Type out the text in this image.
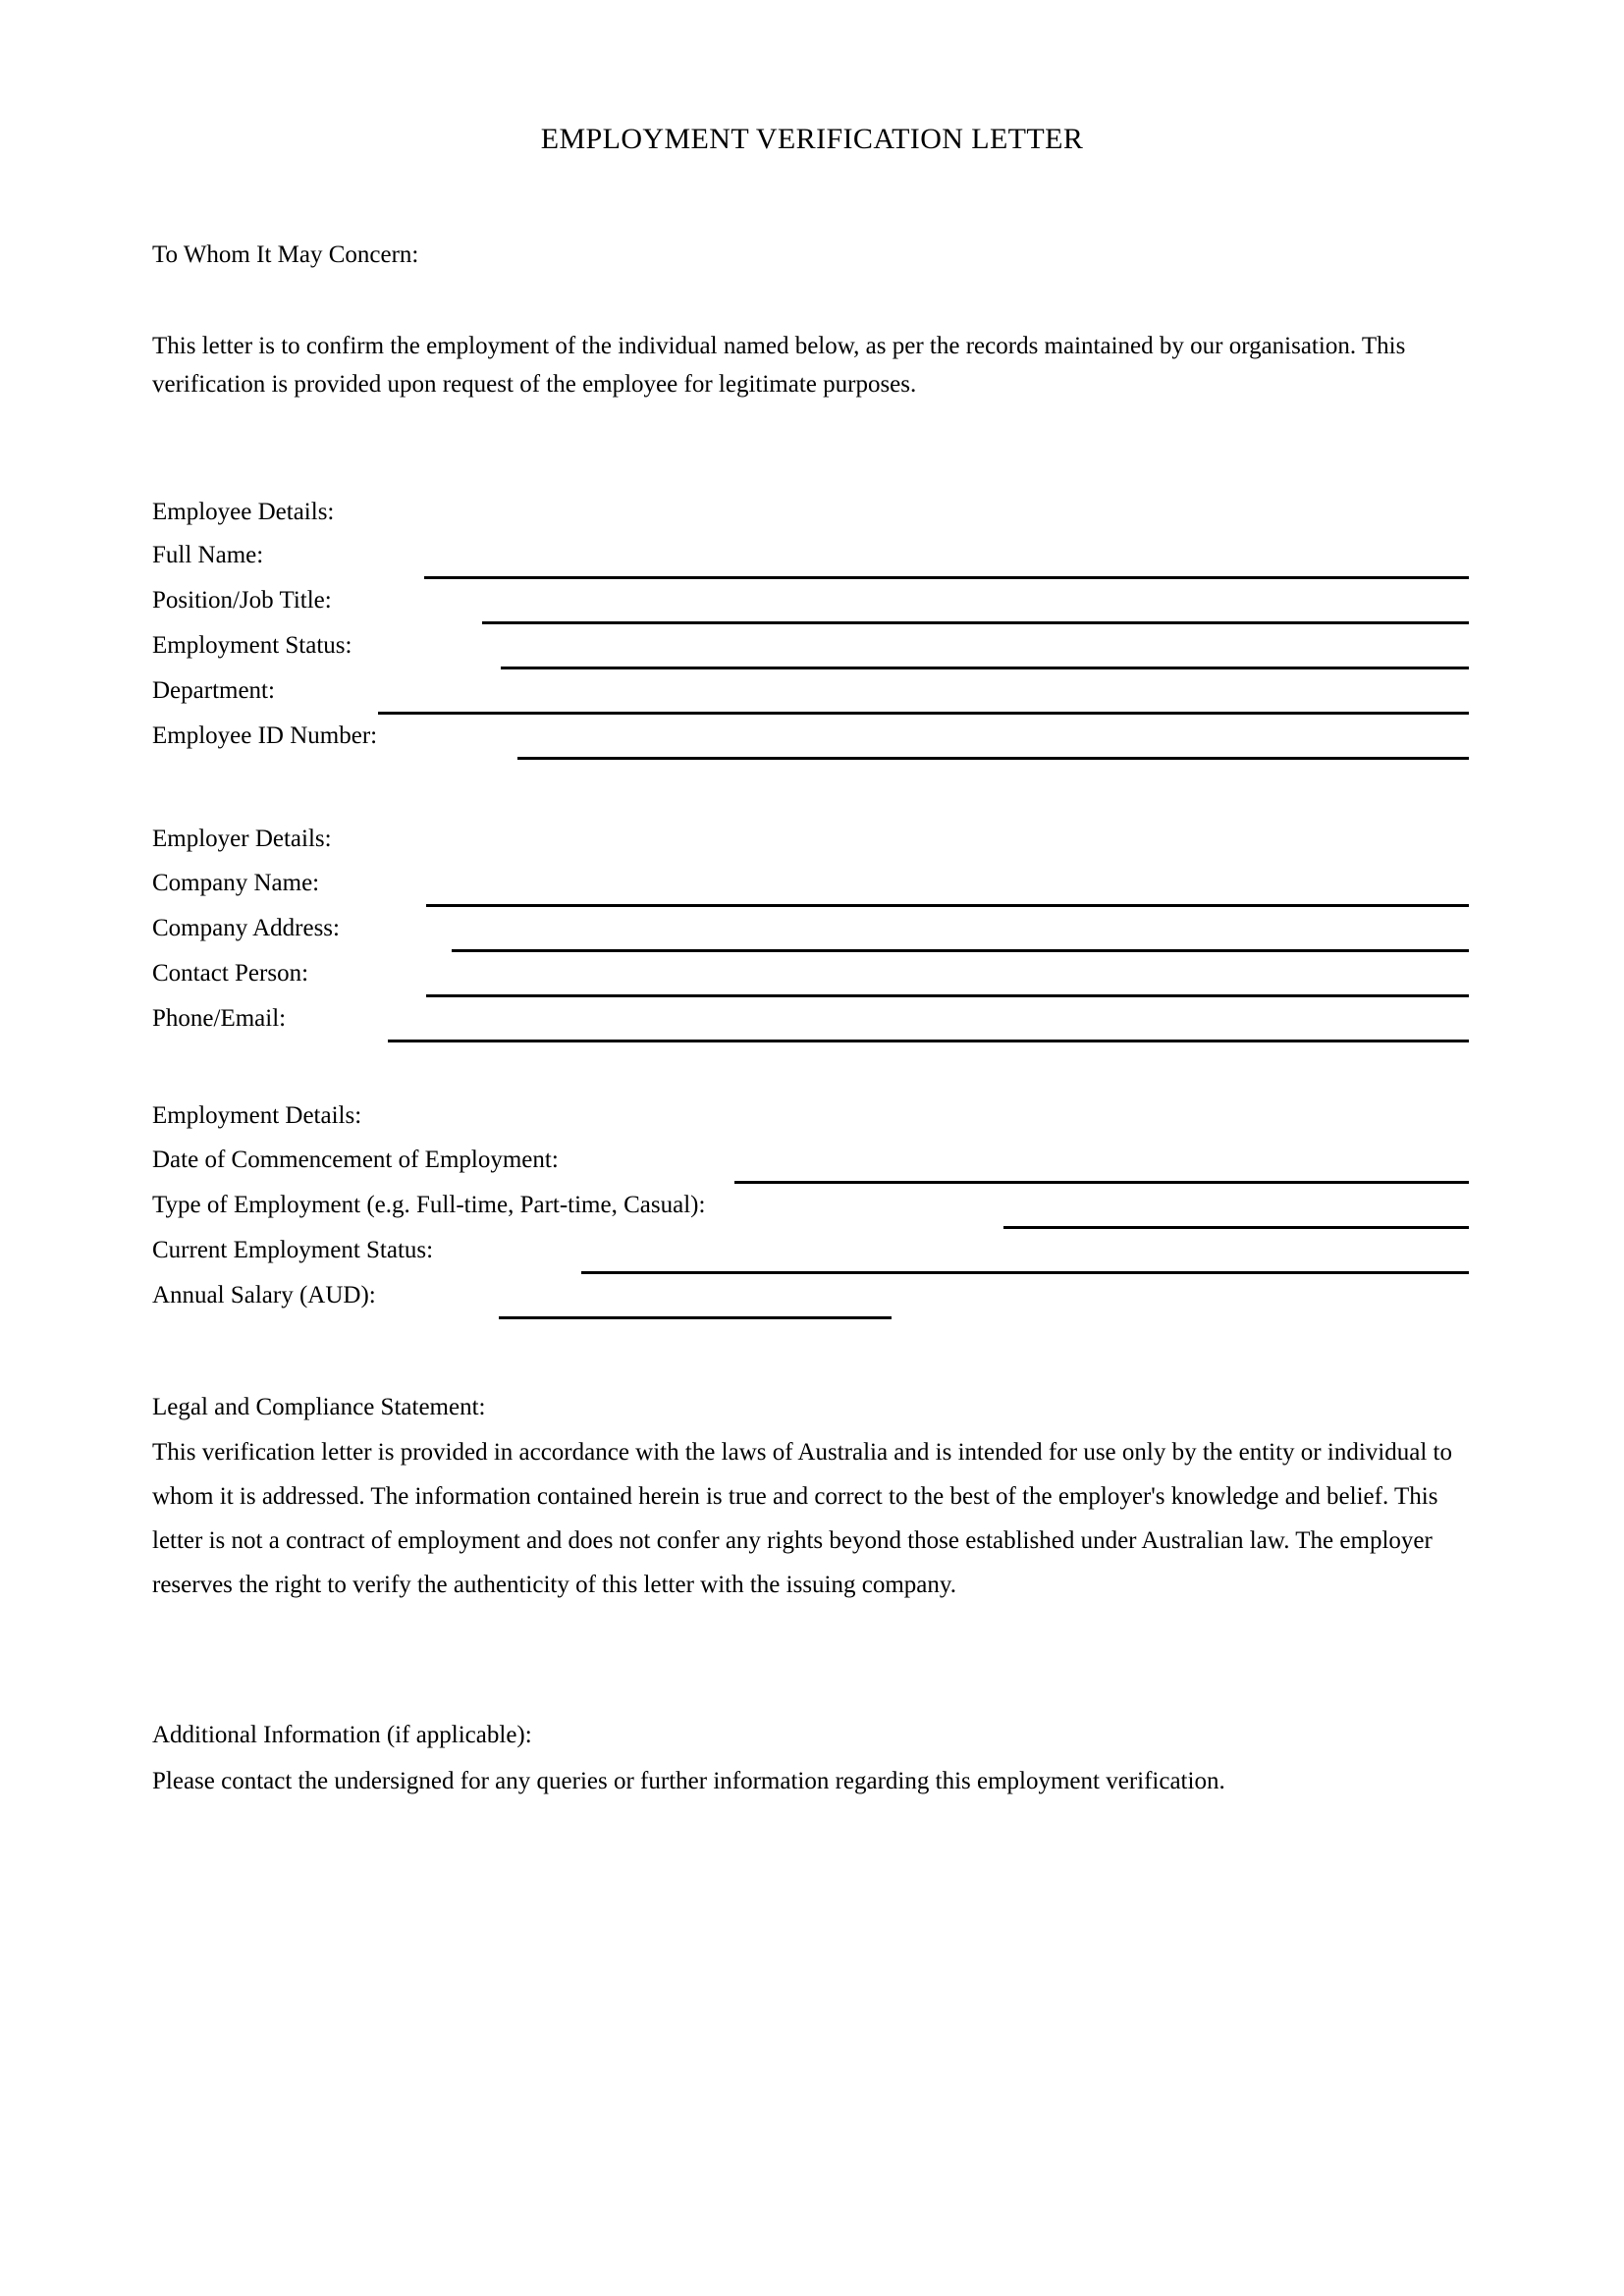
EMPLOYMENT VERIFICATION LETTER
To Whom It May Concern:
This letter is to confirm the employment of the individual named below, as per the records maintained by our organisation. This verification is provided upon request of the employee for legitimate purposes.
Employee Details:
Full Name:
Position/Job Title:
Employment Status:
Department:
Employee ID Number:
Employer Details:
Company Name:
Company Address:
Contact Person:
Phone/Email:
Employment Details:
Date of Commencement of Employment:
Type of Employment (e.g. Full-time, Part-time, Casual):
Current Employment Status:
Annual Salary (AUD):
Legal and Compliance Statement:
This verification letter is provided in accordance with the laws of Australia and is intended for use only by the entity or individual to whom it is addressed. The information contained herein is true and correct to the best of the employer's knowledge and belief. This letter is not a contract of employment and does not confer any rights beyond those established under Australian law. The employer reserves the right to verify the authenticity of this letter with the issuing company.
Additional Information (if applicable):
Please contact the undersigned for any queries or further information regarding this employment verification.
